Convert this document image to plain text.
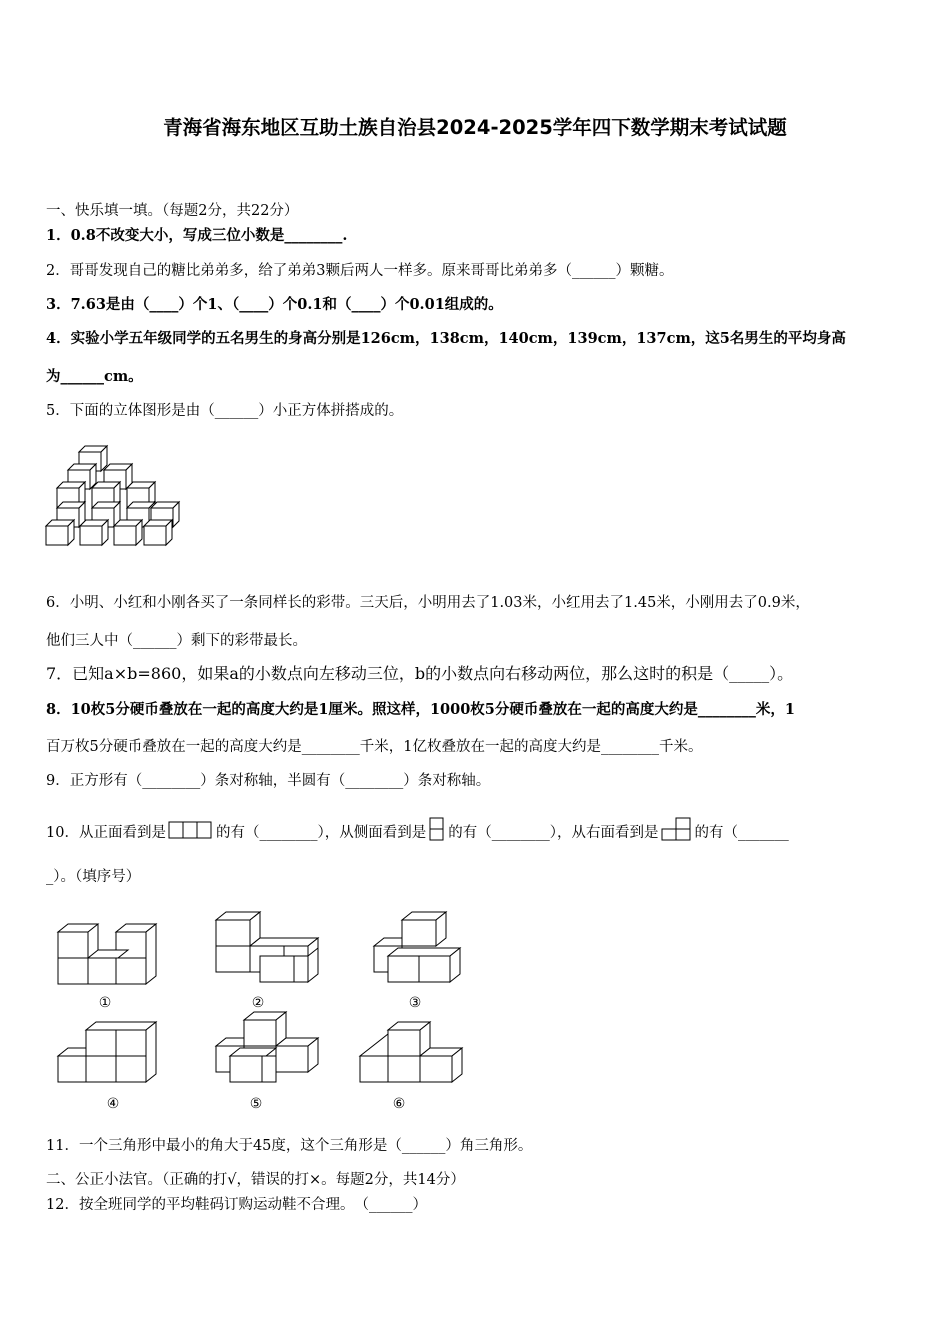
青海省海东地区互助土族自治县2024-2025学年四下数学期末考试试题
一、快乐填一填。（每题2分，共22分）
1．0.8不改变大小，写成三位小数是________.
2．哥哥发现自己的糖比弟弟多，给了弟弟3颗后两人一样多。原来哥哥比弟弟多（______）颗糖。
3．7.63是由（____）个1、（____）个0.1和（____）个0.01组成的。
4．实验小学五年级同学的五名男生的身高分别是126cm，138cm，140cm，139cm，137cm，这5名男生的平均身高
为______cm。
5．下面的立体图形是由（______）小正方体拼搭成的。
6．小明、小红和小刚各买了一条同样长的彩带。三天后，小明用去了1.03米，小红用去了1.45米，小刚用去了0.9米，
他们三人中（______）剩下的彩带最长。
7．已知a×b=860，如果a的小数点向左移动三位，b的小数点向右移动两位，那么这时的积是（_____）。
8．10枚5分硬币叠放在一起的高度大约是1厘米。照这样，1000枚5分硬币叠放在一起的高度大约是________米，1
百万枚5分硬币叠放在一起的高度大约是________千米，1亿枚叠放在一起的高度大约是________千米。
9．正方形有（________）条对称轴，半圆有（________）条对称轴。
10．从正面看到是	的有（________），从侧面看到是 的有（________），从右面看到是 的有（_______
_）。（填序号）
①	②	③
④	⑤	⑥
11．一个三角形中最小的角大于45度，这个三角形是（______）角三角形。
二、公正小法官。（正确的打√，错误的打×。每题2分，共14分）
12．按全班同学的平均鞋码订购运动鞋不合理。　（______）
